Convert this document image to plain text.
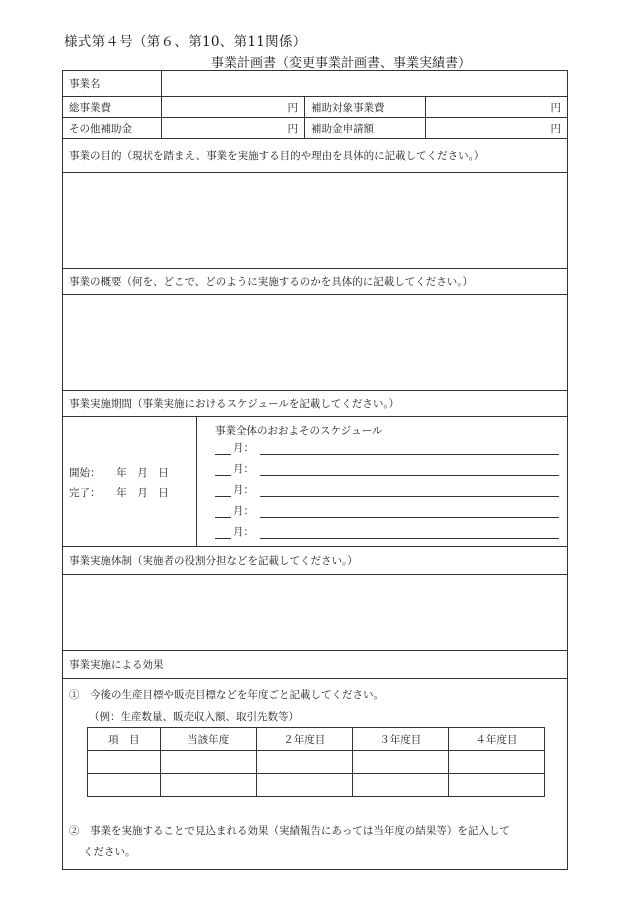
様式第４号（第６、第10、第11関係）
事業計画書（変更事業計画書、事業実績書）
事業名
総事業費	円	補助対象事業費	円
その他補助金	円	補助金申請額	円
事業の目的（現状を踏まえ、事業を実施する目的や理由を具体的に記載してください。）
事業の概要（何を、どこで、どのように実施するのかを具体的に記載してください。）
事業実施期間（事業実施におけるスケジュールを記載してください。）
開始：　　年　月　日
完了：　　年　月　日
事業全体のおおよそのスケジュール
月：
月：
月：
月：
月：
事業実施体制（実施者の役割分担などを記載してください。）
事業実施による効果
①　今後の生産目標や販売目標などを年度ごと記載してください。
（例：生産数量、販売収入額、取引先数等）
項　目	当該年度	２年度目	３年度目	４年度目

②　事業を実施することで見込まれる効果（実績報告にあっては当年度の結果等）を記入して
ください。
